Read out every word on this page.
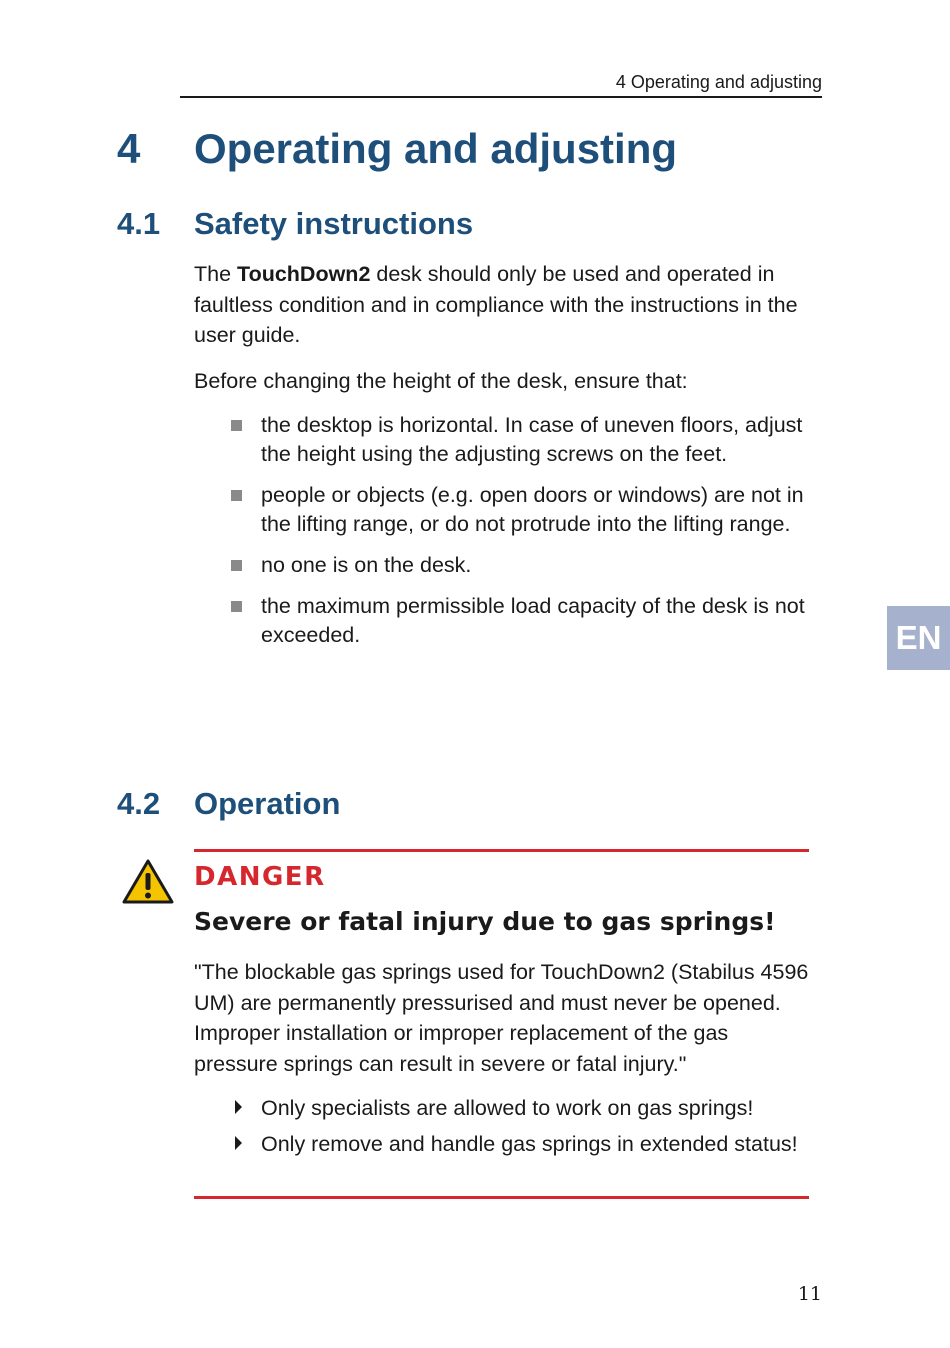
4 Operating and adjusting
4 Operating and adjusting
4.1 Safety instructions
The TouchDown2 desk should only be used and operated in faultless condition and in compliance with the instructions in the user guide.
Before changing the height of the desk, ensure that:
the desktop is horizontal. In case of uneven floors, adjust the height using the adjusting screws on the feet.
people or objects (e.g. open doors or windows) are not in the lifting range, or do not protrude into the lifting range.
no one is on the desk.
the maximum permissible load capacity of the desk is not exceeded.	EN
4.2 Operation
DANGER
Severe or fatal injury due to gas springs!
"The blockable gas springs used for TouchDown2 (Stabilus 4596 UM) are permanently pressurised and must never be opened. Improper installation or improper replacement of the gas pressure springs can result in severe or fatal injury."
Only specialists are allowed to work on gas springs!
Only remove and handle gas springs in extended status!
11
